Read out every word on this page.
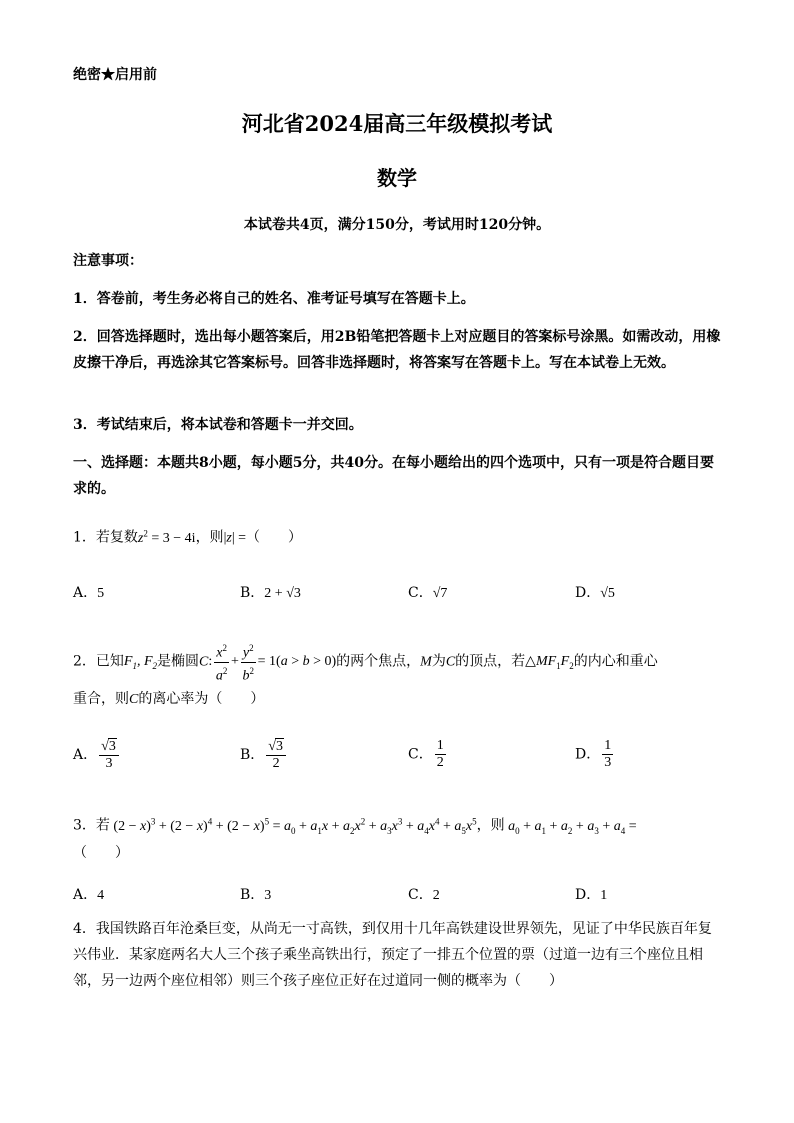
绝密★启用前
河北省2024届高三年级模拟考试
数学
本试卷共4页，满分150分，考试用时120分钟。
注意事项：
1．答卷前，考生务必将自己的姓名、准考证号填写在答题卡上。
2．回答选择题时，选出每小题答案后，用2B铅笔把答题卡上对应题目的答案标号涂黑。如需改动，用橡皮擦干净后，再选涂其它答案标号。回答非选择题时，将答案写在答题卡上。写在本试卷上无效。
3．考试结束后，将本试卷和答题卡一并交回。
一、选择题：本题共8小题，每小题5分，共40分。在每小题给出的四个选项中，只有一项是符合题目要求的。
1．若复数$z^2 = 3 - 4i$，则|z| =（　　）
A．5	B．2 + √3	C．√7	D．√5
2．已知$F_1$, $F_2$是椭圆C: $\frac{x^2}{a^2} + \frac{y^2}{b^2} = 1(a > b > 0)$的两个焦点，M为C的顶点，若$\triangle MF_1F_2$的内心和重心
重合，则C的离心率为（　　）
A． $\frac{√3}{3}$	B． $\frac{√3}{2}$	C． $\frac{1}{2}$	D． $\frac{1}{3}$
3．若 $(2 - x)^3 + (2 - x)^4 + (2 - x)^5 = a_0 + a_1x + a_2x^2 + a_3x^3 + a_4x^4 + a_5x^5$，则 $a_0 + a_1 + a_2 + a_3 + a_4$ =
（　　）
A．4	B．3	C．2	D．1
4．我国铁路百年沧桑巨变，从尚无一寸高铁，到仅用十几年高铁建设世界领先，见证了中华民族百年复兴伟业．某家庭两名大人三个孩子乘坐高铁出行，预定了一排五个位置的票（过道一边有三个座位且相邻，另一边两个座位相邻）则三个孩子座位正好在过道同一侧的概率为（　　）
